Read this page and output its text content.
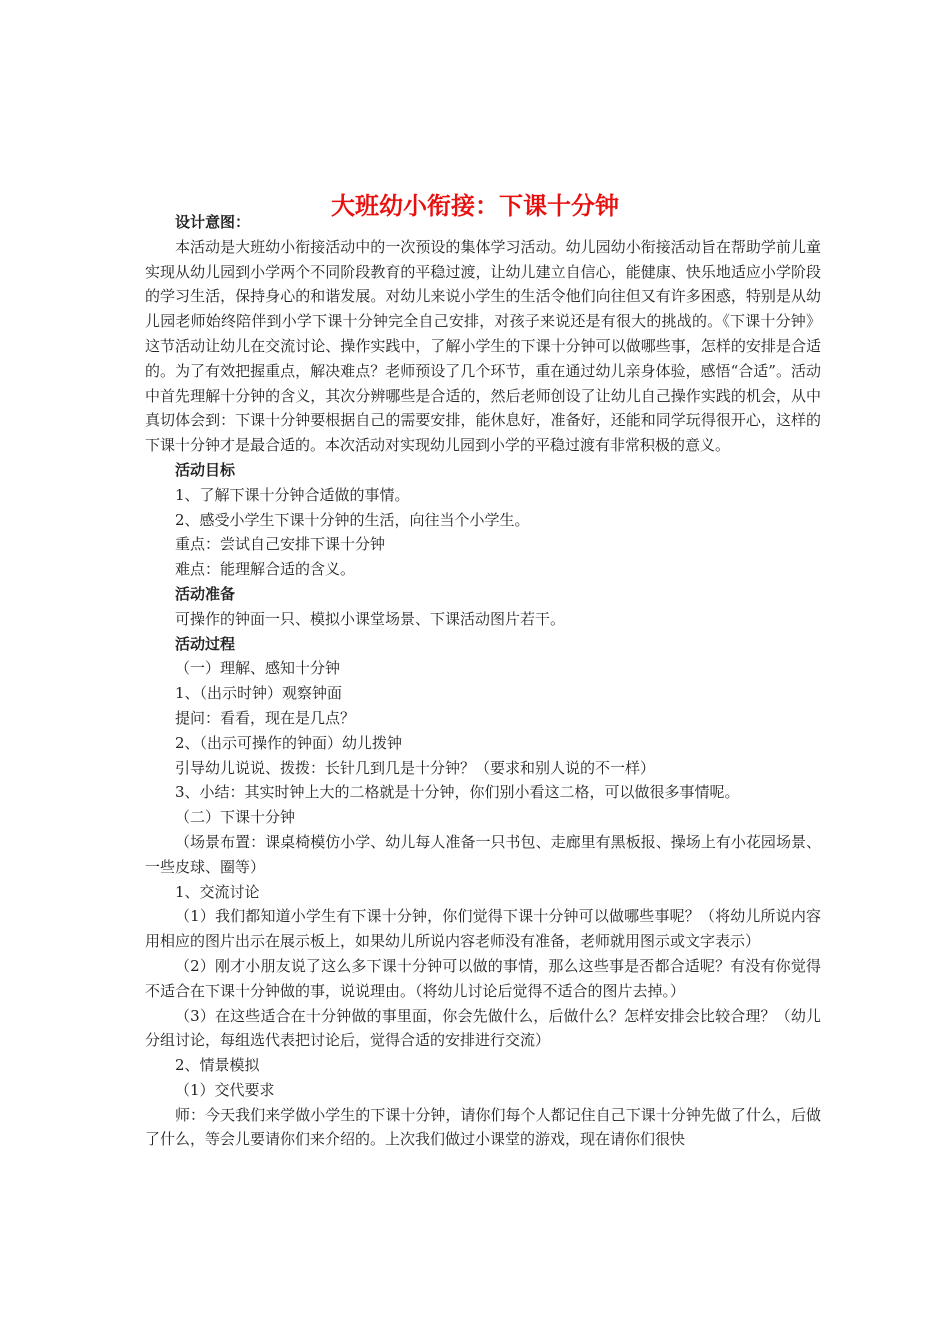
大班幼小衔接：下课十分钟

设计意图：

本活动是大班幼小衔接活动中的一次预设的集体学习活动。幼儿园幼小衔接活动旨在帮助学前儿童实现从幼儿园到小学两个不同阶段教育的平稳过渡，让幼儿建立自信心，能健康、快乐地适应小学阶段的学习生活，保持身心的和谐发展。对幼儿来说小学生的生活令他们向往但又有许多困惑，特别是从幼儿园老师始终陪伴到小学下课十分钟完全自己安排，对孩子来说还是有很大的挑战的。《下课十分钟》这节活动让幼儿在交流讨论、操作实践中，了解小学生的下课十分钟可以做哪些事，怎样的安排是合适的。为了有效把握重点，解决难点？老师预设了几个环节，重在通过幼儿亲身体验，感悟“合适”。活动中首先理解十分钟的含义，其次分辨哪些是合适的，然后老师创设了让幼儿自己操作实践的机会，从中真切体会到：下课十分钟要根据自己的需要安排，能休息好，准备好，还能和同学玩得很开心，这样的下课十分钟才是最合适的。本次活动对实现幼儿园到小学的平稳过渡有非常积极的意义。

活动目标

1、了解下课十分钟合适做的事情。

2、感受小学生下课十分钟的生活，向往当个小学生。

重点：尝试自己安排下课十分钟

难点：能理解合适的含义。

活动准备

可操作的钟面一只、模拟小课堂场景、下课活动图片若干。

活动过程

（一）理解、感知十分钟

1、（出示时钟）观察钟面

提问：看看，现在是几点？

2、（出示可操作的钟面）幼儿拨钟

引导幼儿说说、拨拨：长针几到几是十分钟？（要求和别人说的不一样）

3、小结：其实时钟上大的二格就是十分钟，你们别小看这二格，可以做很多事情呢。

（二）下课十分钟

（场景布置：课桌椅模仿小学、幼儿每人准备一只书包、走廊里有黑板报、操场上有小花园场景、一些皮球、圈等）

1、交流讨论

（1）我们都知道小学生有下课十分钟，你们觉得下课十分钟可以做哪些事呢？（将幼儿所说内容用相应的图片出示在展示板上，如果幼儿所说内容老师没有准备，老师就用图示或文字表示）

（2）刚才小朋友说了这么多下课十分钟可以做的事情，那么这些事是否都合适呢？有没有你觉得不适合在下课十分钟做的事，说说理由。（将幼儿讨论后觉得不适合的图片去掉。）

（3）在这些适合在十分钟做的事里面，你会先做什么，后做什么？怎样安排会比较合理？（幼儿分组讨论，每组选代表把讨论后，觉得合适的安排进行交流）

2、情景模拟

（1）交代要求

师：今天我们来学做小学生的下课十分钟，请你们每个人都记住自己下课十分钟先做了什么，后做了什么，等会儿要请你们来介绍的。上次我们做过小课堂的游戏，现在请你们很快
